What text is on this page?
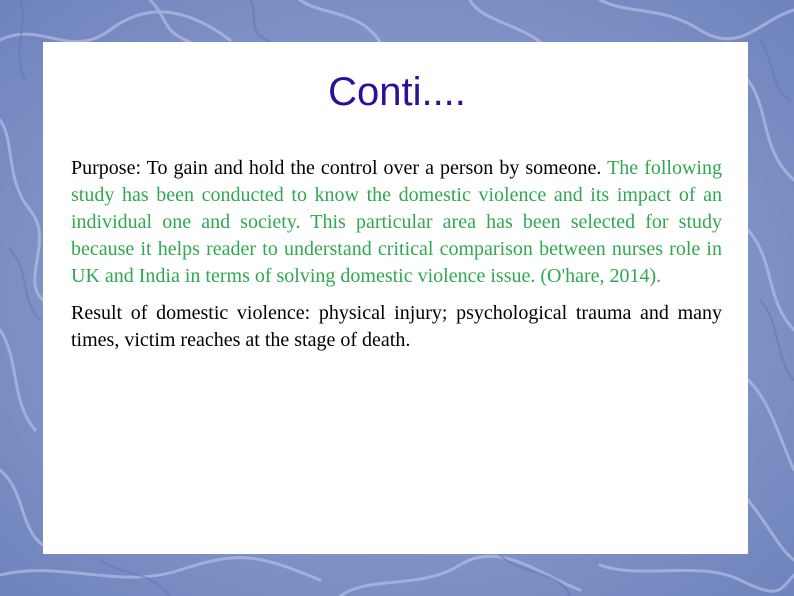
Conti....

Purpose: To gain and hold the control over a person by someone. The following study has been conducted to know the domestic violence and its impact of an individual one and society. This particular area has been selected for study because it helps reader to understand critical comparison between nurses role in UK and India in terms of solving domestic violence issue. (O'hare, 2014).

Result of domestic violence: physical injury; psychological trauma and many times, victim reaches at the stage of death.
